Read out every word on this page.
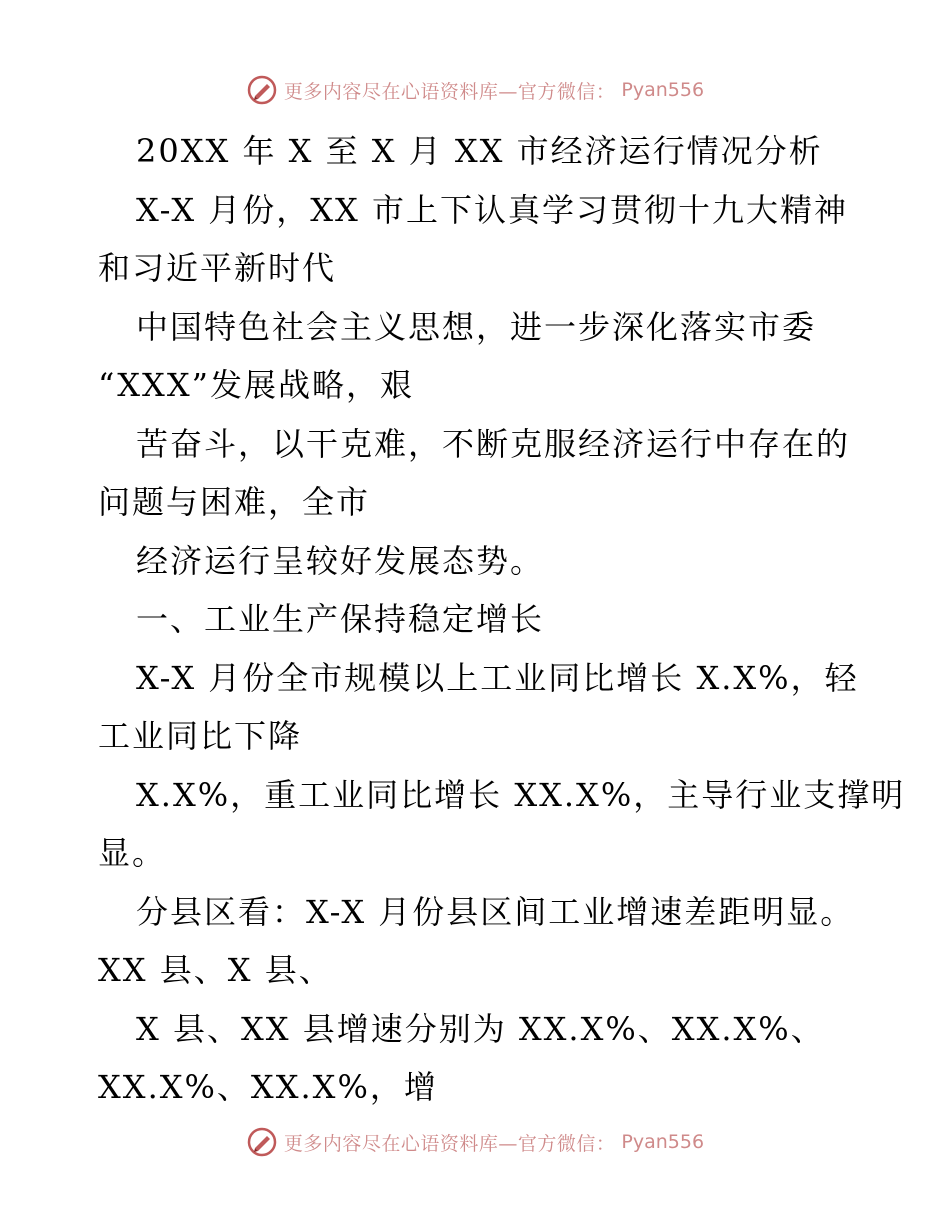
更多内容尽在心语资料库—官方微信： Pyan556
20XX 年 X 至 X 月 XX 市经济运行情况分析
X-X 月份，XX 市上下认真学习贯彻十九大精神
和习近平新时代
中国特色社会主义思想，进一步深化落实市委
“XXX”发展战略，艰
苦奋斗，以干克难，不断克服经济运行中存在的
问题与困难，全市
经济运行呈较好发展态势。
一、工业生产保持稳定增长
X-X 月份全市规模以上工业同比增长 X.X%，轻
工业同比下降
X.X%，重工业同比增长 XX.X%，主导行业支撑明
显。
分县区看：X-X 月份县区间工业增速差距明显。
XX 县、X 县、
X 县、XX 县增速分别为 XX.X%、XX.X%、
XX.X%、XX.X%，增
更多内容尽在心语资料库—官方微信： Pyan556
